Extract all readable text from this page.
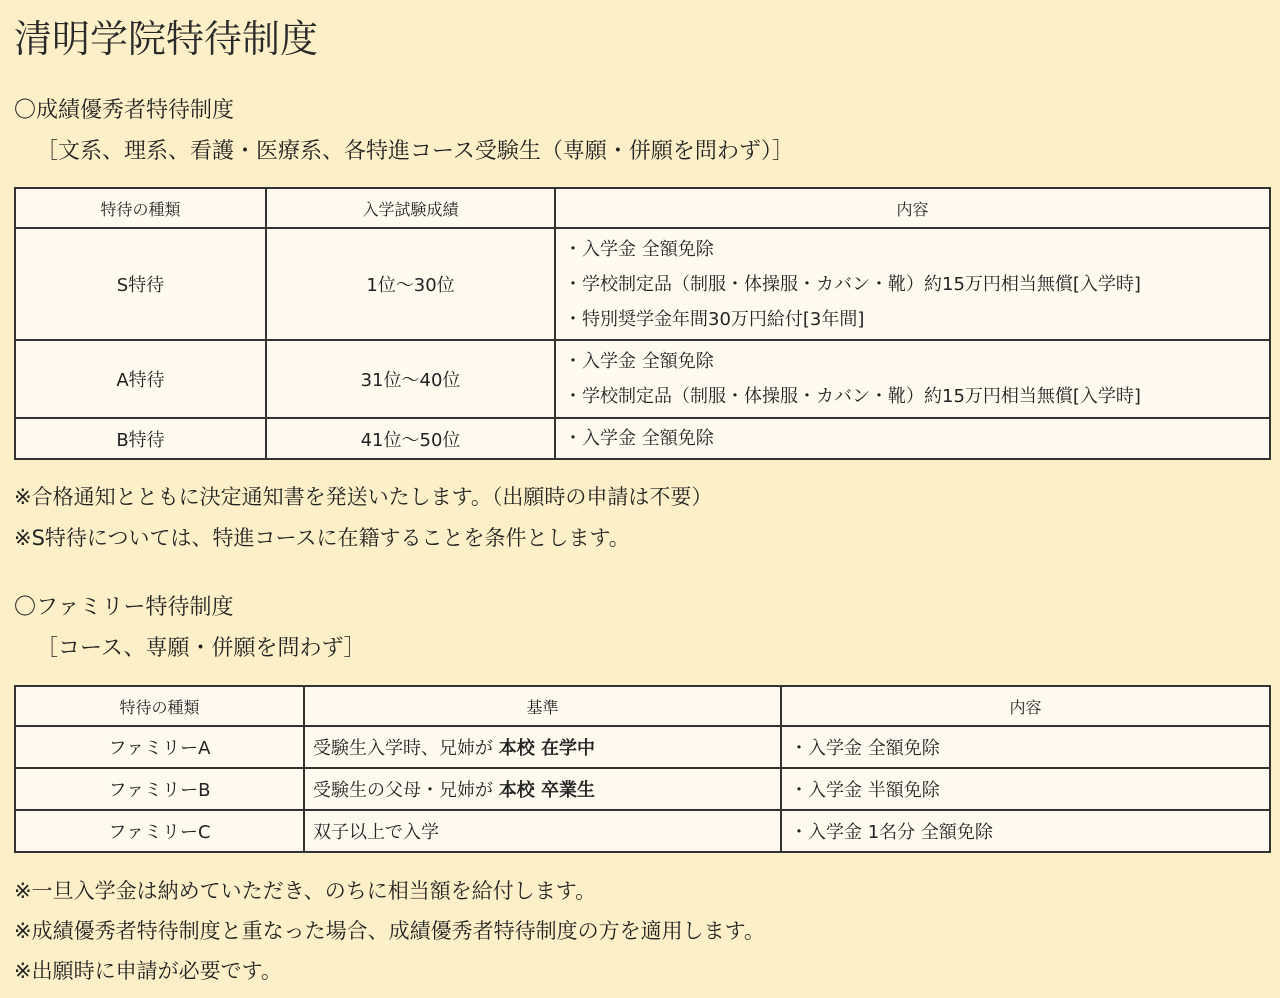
清明学院特待制度

〇成績優秀者特待制度

［文系、理系、看護・医療系、各特進コース受験生（専願・併願を問わず）］

特待の種類	入学試験成績	内容
S特待	1位～30位	・入学金 全額免除
・学校制定品（制服・体操服・カバン・靴）約15万円相当無償[入学時]
・特別奨学金年間30万円給付[3年間]

A特待	31位～40位	・入学金 全額免除
・学校制定品（制服・体操服・カバン・靴）約15万円相当無償[入学時]

B特待	41位～50位	・入学金 全額免除

※合格通知とともに決定通知書を発送いたします。（出願時の申請は不要）

※S特待については、特進コースに在籍することを条件とします。

〇ファミリー特待制度

［コース、専願・併願を問わず］

特待の種類	基準	内容
ファミリーA	受験生入学時、兄姉が 本校 在学中	・入学金 全額免除
ファミリーB	受験生の父母・兄姉が 本校 卒業生	・入学金 半額免除
ファミリーC	双子以上で入学	・入学金 1名分 全額免除

※一旦入学金は納めていただき、のちに相当額を給付します。

※成績優秀者特待制度と重なった場合、成績優秀者特待制度の方を適用します。

※出願時に申請が必要です。
